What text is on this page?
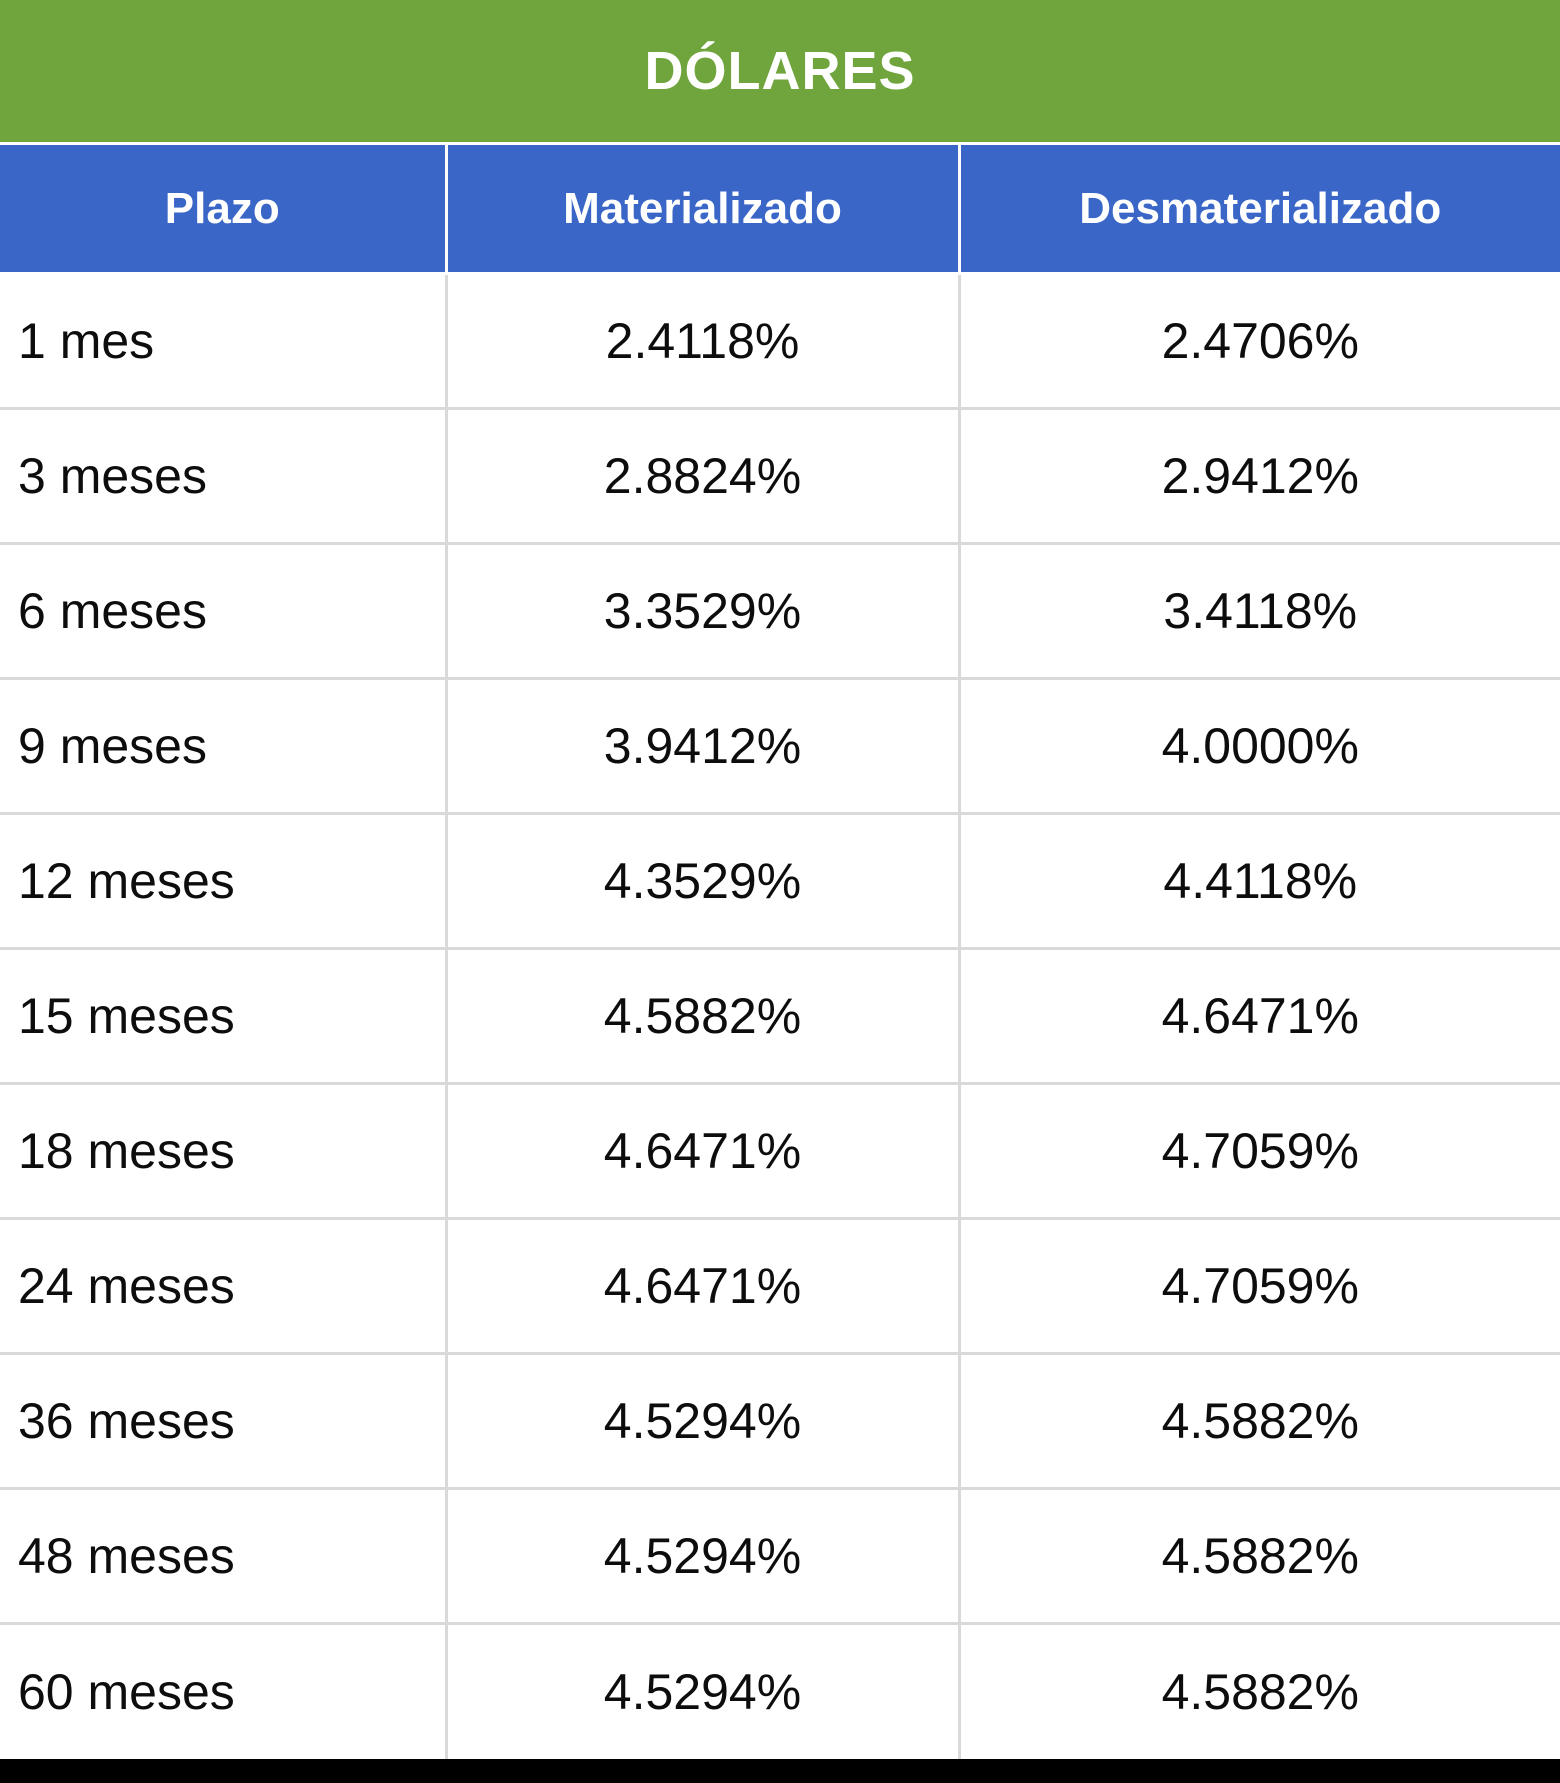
DÓLARES		
Plazo	Materializado	Desmaterializado
1 mes	2.4118%	2.4706%
3 meses	2.8824%	2.9412%
6 meses	3.3529%	3.4118%
9 meses	3.9412%	4.0000%
12 meses	4.3529%	4.4118%
15 meses	4.5882%	4.6471%
18 meses	4.6471%	4.7059%
24 meses	4.6471%	4.7059%
36 meses	4.5294%	4.5882%
48 meses	4.5294%	4.5882%
60 meses	4.5294%	4.5882%
